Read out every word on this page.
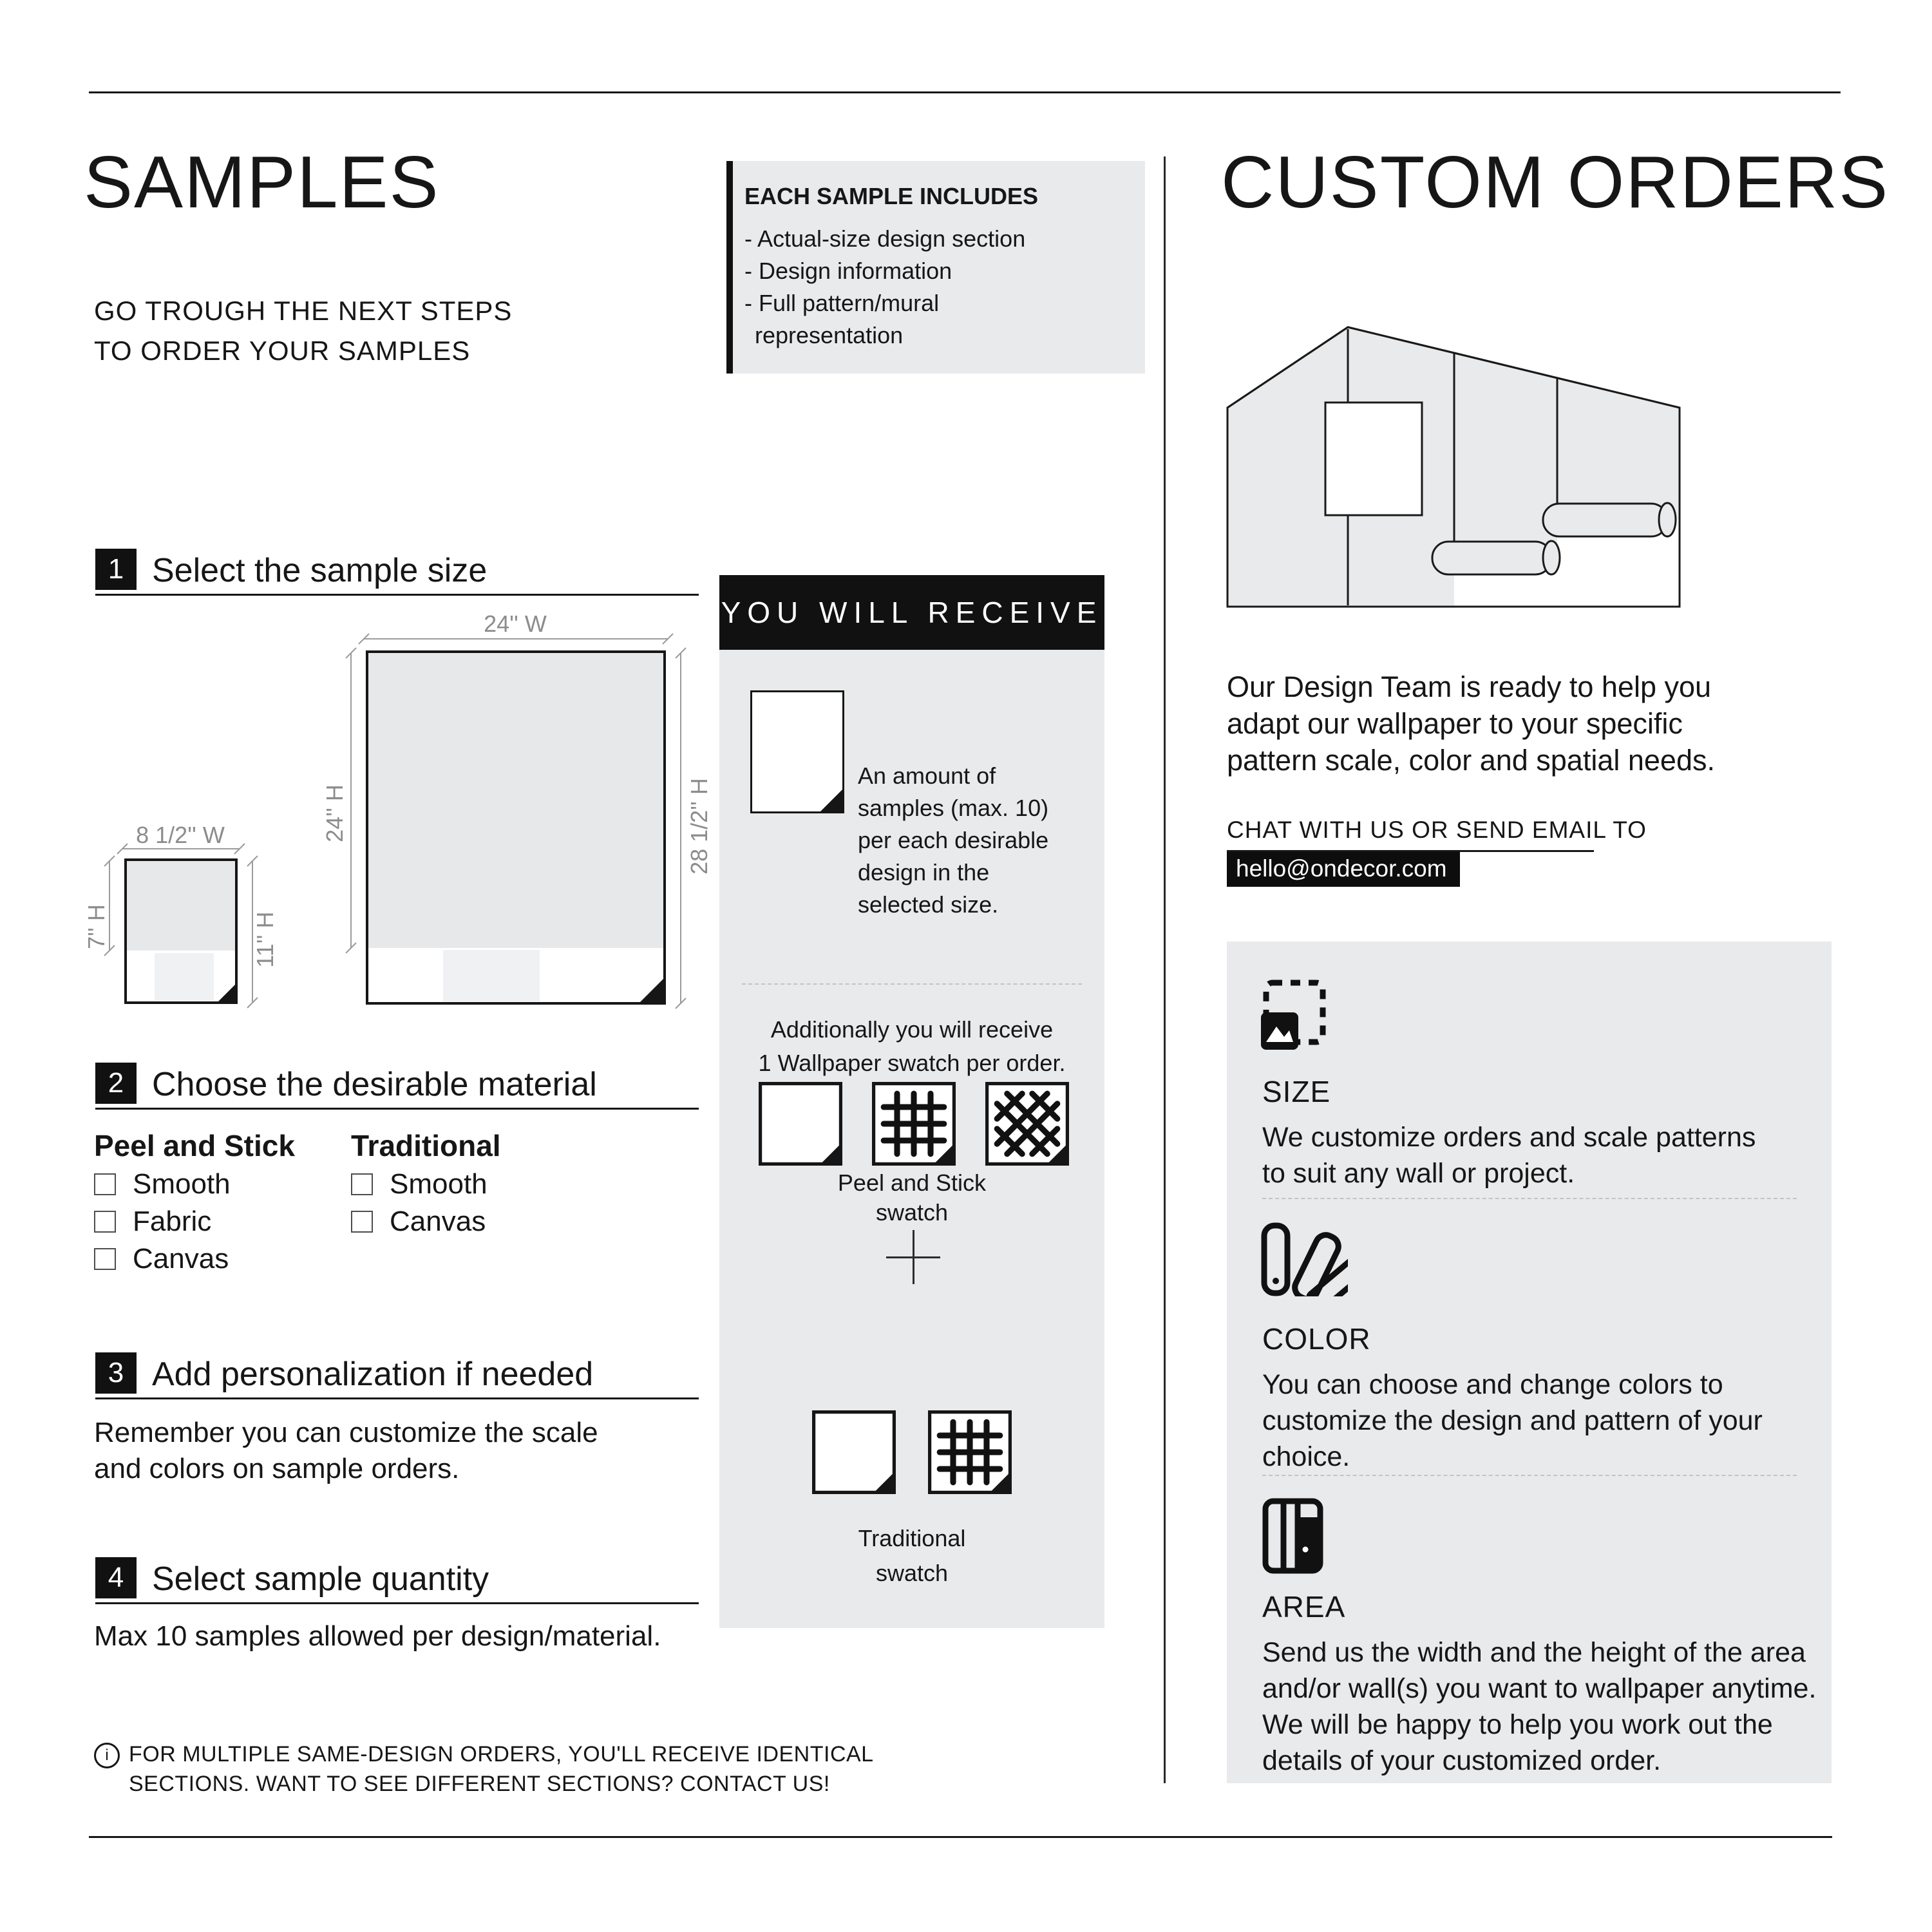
SAMPLES
GO TROUGH THE NEXT STEPS
TO ORDER YOUR SAMPLES
EACH SAMPLE INCLUDES
- Actual-size design section
- Design information
- Full pattern/mural
representation
1 Select the sample size
24'' W
8 1/2'' W
7'' H	11'' H
24'' H	28 1/2'' H
2 Choose the desirable material
Peel and Stick
Smooth
Fabric
Canvas
Traditional
Smooth
Canvas
3 Add personalization if needed
Remember you can customize the scale
and colors on sample orders.
4 Select sample quantity
Max 10 samples allowed per design/material.
i FOR MULTIPLE SAME-DESIGN ORDERS, YOU'LL RECEIVE IDENTICAL
SECTIONS. WANT TO SEE DIFFERENT SECTIONS? CONTACT US!
YOU WILL RECEIVE
An amount of
samples (max. 10)
per each desirable
design in the
selected size.
Additionally you will receive
1 Wallpaper swatch per order.
Peel and Stick
swatch
Traditional
swatch
CUSTOM ORDERS
Our Design Team is ready to help you
adapt our wallpaper to your specific
pattern scale, color and spatial needs.
CHAT WITH US OR SEND EMAIL TO
hello@ondecor.com
SIZE
We customize orders and scale patterns
to suit any wall or project.
COLOR
You can choose and change colors to
customize the design and pattern of your
choice.
AREA
Send us the width and the height of the area
and/or wall(s) you want to wallpaper anytime.
We will be happy to help you work out the
details of your customized order.
